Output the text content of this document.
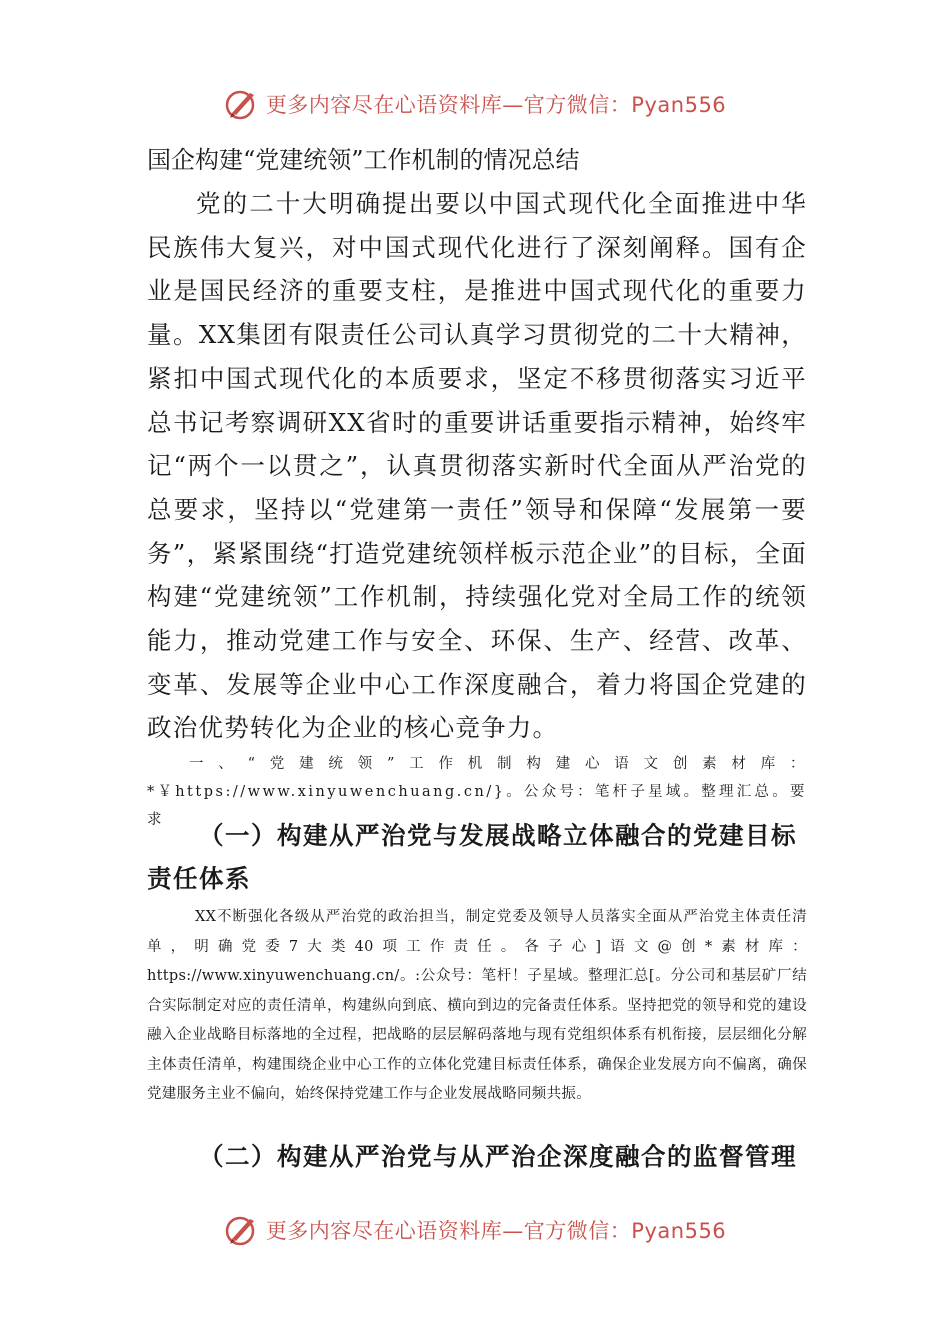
更多内容尽在心语资料库—官方微信：Pyan556
国企构建“党建统领”工作机制的情况总结
党的二十大明确提出要以中国式现代化全面推进中华民族伟大复兴，对中国式现代化进行了深刻阐释。国有企业是国民经济的重要支柱，是推进中国式现代化的重要力量。XX集团有限责任公司认真学习贯彻党的二十大精神，紧扣中国式现代化的本质要求，坚定不移贯彻落实习近平总书记考察调研XX省时的重要讲话重要指示精神，始终牢记“两个一以贯之”，认真贯彻落实新时代全面从严治党的总要求，坚持以“党建第一责任”领导和保障“发展第一要务”，紧紧围绕“打造党建统领样板示范企业”的目标，全面构建“党建统领”工作机制，持续强化党对全局工作的统领能力，推动党建工作与安全、环保、生产、经营、改革、变革、发展等企业中心工作深度融合，着力将国企党建的政治优势转化为企业的核心竞争力。
一、“党建统领”工作机制构建心语文创素材库：*￥https://www.xinyuwenchuang.cn/}。公众号：笔杆子星域。整理汇总。要求
（一）构建从严治党与发展战略立体融合的党建目标责任体系
XX不断强化各级从严治党的政治担当，制定党委及领导人员落实全面从严治党主体责任清单，明确党委7大类40项工作责任。各子心]语文@创*素材库：https://www.xinyuwenchuang.cn/。:公众号：笔杆！子星域。整理汇总[。分公司和基层矿厂结合实际制定对应的责任清单，构建纵向到底、横向到边的完备责任体系。坚持把党的领导和党的建设融入企业战略目标落地的全过程，把战略的层层解码落地与现有党组织体系有机衔接，层层细化分解主体责任清单，构建围绕企业中心工作的立体化党建目标责任体系，确保企业发展方向不偏离，确保党建服务主业不偏向，始终保持党建工作与企业发展战略同频共振。
（二）构建从严治党与从严治企深度融合的监督管理
更多内容尽在心语资料库—官方微信：Pyan556
